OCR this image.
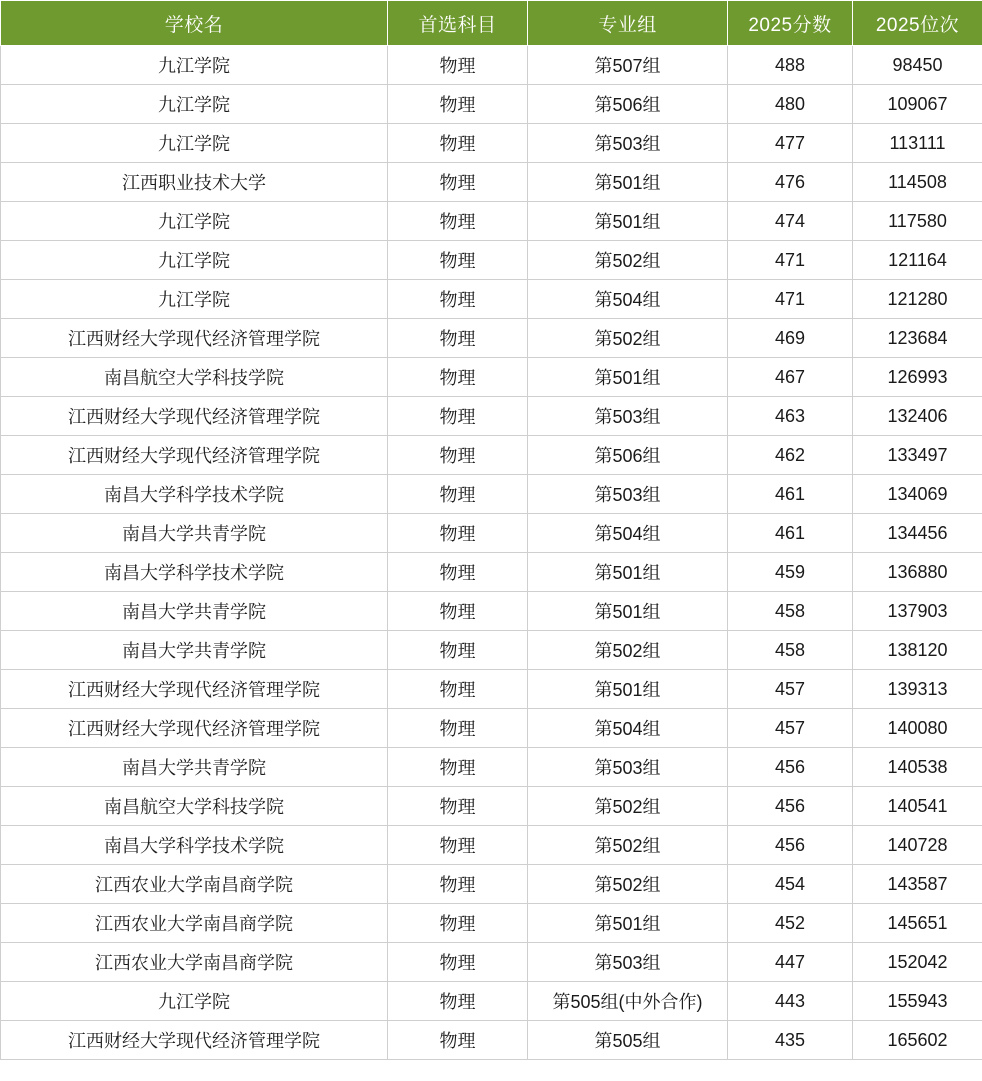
学校名	首选科目	专业组	2025分数	2025位次
九江学院	物理	第507组	488	98450
九江学院	物理	第506组	480	109067
九江学院	物理	第503组	477	113111
江西职业技术大学	物理	第501组	476	114508
九江学院	物理	第501组	474	117580
九江学院	物理	第502组	471	121164
九江学院	物理	第504组	471	121280
江西财经大学现代经济管理学院	物理	第502组	469	123684
南昌航空大学科技学院	物理	第501组	467	126993
江西财经大学现代经济管理学院	物理	第503组	463	132406
江西财经大学现代经济管理学院	物理	第506组	462	133497
南昌大学科学技术学院	物理	第503组	461	134069
南昌大学共青学院	物理	第504组	461	134456
南昌大学科学技术学院	物理	第501组	459	136880
南昌大学共青学院	物理	第501组	458	137903
南昌大学共青学院	物理	第502组	458	138120
江西财经大学现代经济管理学院	物理	第501组	457	139313
江西财经大学现代经济管理学院	物理	第504组	457	140080
南昌大学共青学院	物理	第503组	456	140538
南昌航空大学科技学院	物理	第502组	456	140541
南昌大学科学技术学院	物理	第502组	456	140728
江西农业大学南昌商学院	物理	第502组	454	143587
江西农业大学南昌商学院	物理	第501组	452	145651
江西农业大学南昌商学院	物理	第503组	447	152042
九江学院	物理	第505组(中外合作)	443	155943
江西财经大学现代经济管理学院	物理	第505组	435	165602
